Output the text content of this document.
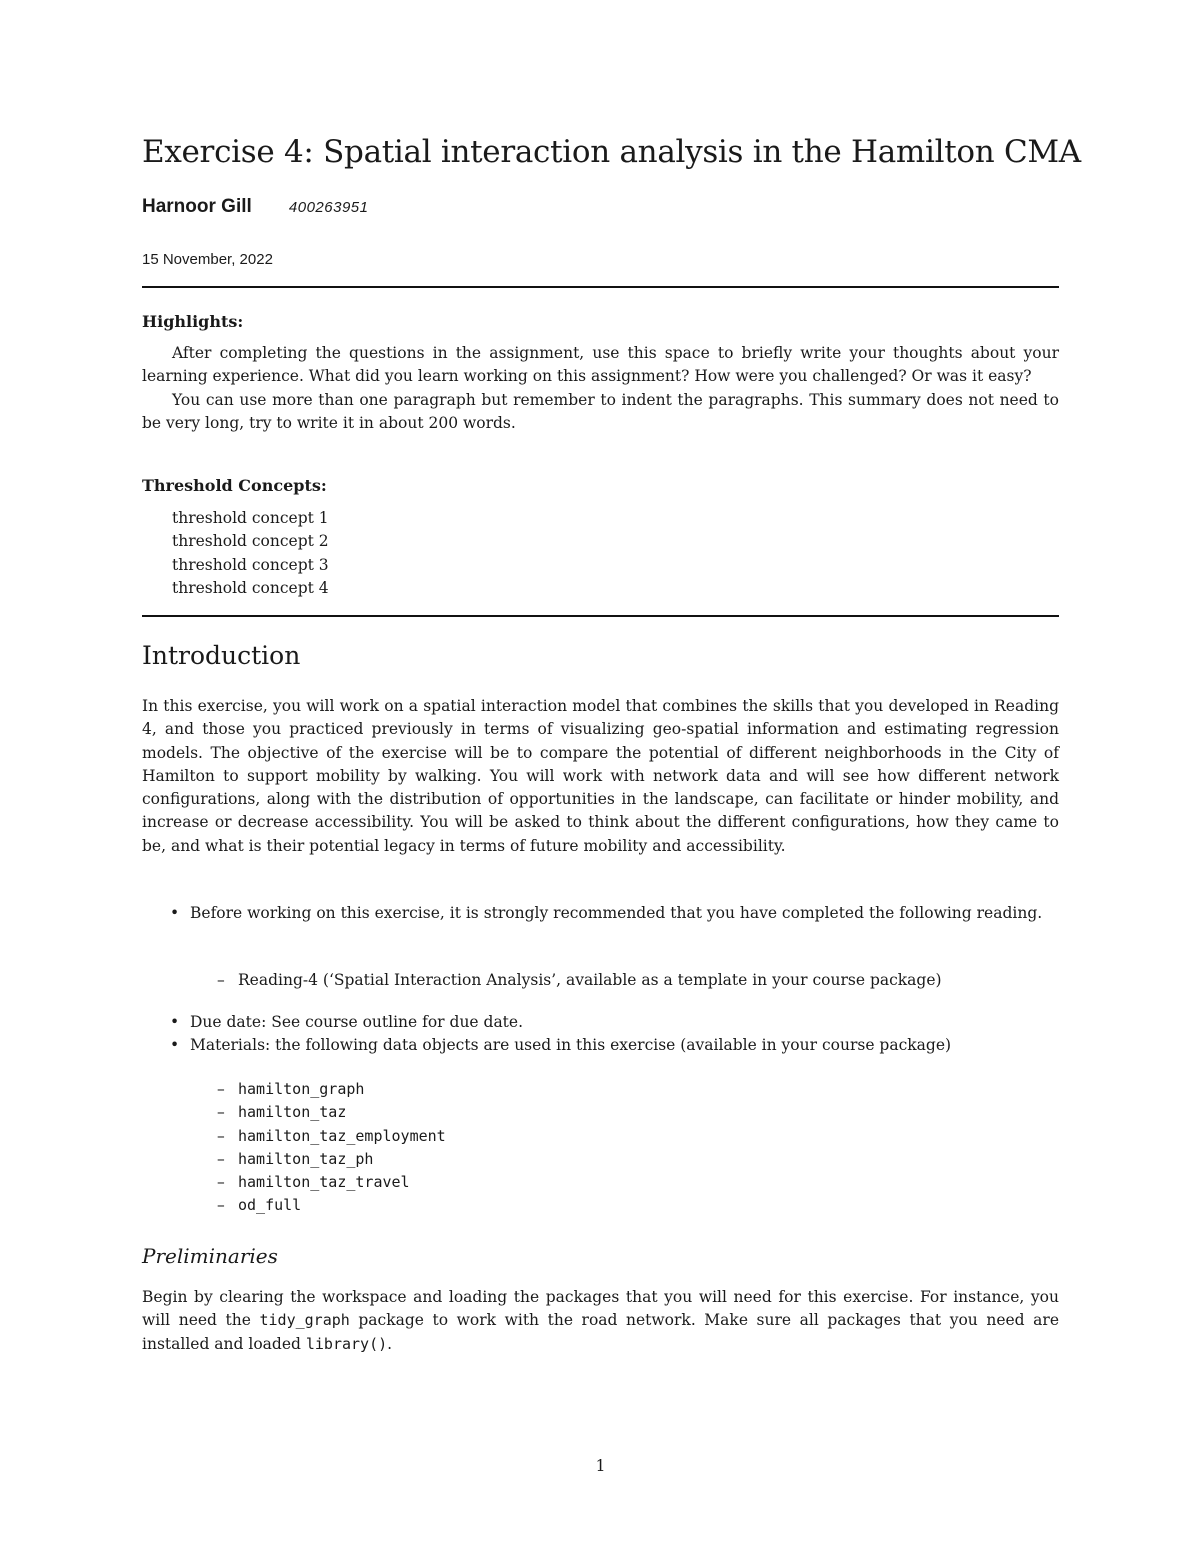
Exercise 4: Spatial interaction analysis in the Hamilton CMA
Harnoor Gill 400263951
15 November, 2022
Highlights:

After completing the questions in the assignment, use this space to briefly write your thoughts about your learning experience. What did you learn working on this assignment? How were you challenged? Or was it easy?

You can use more than one paragraph but remember to indent the paragraphs. This summary does not need to be very long, try to write it in about 200 words.

Threshold Concepts:
threshold concept 1
threshold concept 2
threshold concept 3
threshold concept 4
Introduction

In this exercise, you will work on a spatial interaction model that combines the skills that you developed in Reading 4, and those you practiced previously in terms of visualizing geo-spatial information and estimating regression models. The objective of the exercise will be to compare the potential of different neighborhoods in the City of Hamilton to support mobility by walking. You will work with network data and will see how different network configurations, along with the distribution of opportunities in the landscape, can facilitate or hinder mobility, and increase or decrease accessibility. You will be asked to think about the different configurations, how they came to be, and what is their potential legacy in terms of future mobility and accessibility.

• Before working on this exercise, it is strongly recommended that you have completed the following reading.
– Reading-4 (‘Spatial Interaction Analysis’, available as a template in your course package)
• Due date: See course outline for due date.
• Materials: the following data objects are used in this exercise (available in your course package)
– hamilton_graph
– hamilton_taz
– hamilton_taz_employment
– hamilton_taz_ph
– hamilton_taz_travel
– od_full
Preliminaries

Begin by clearing the workspace and loading the packages that you will need for this exercise. For instance, you will need the tidy_graph package to work with the road network. Make sure all packages that you need are installed and loaded library().

1
